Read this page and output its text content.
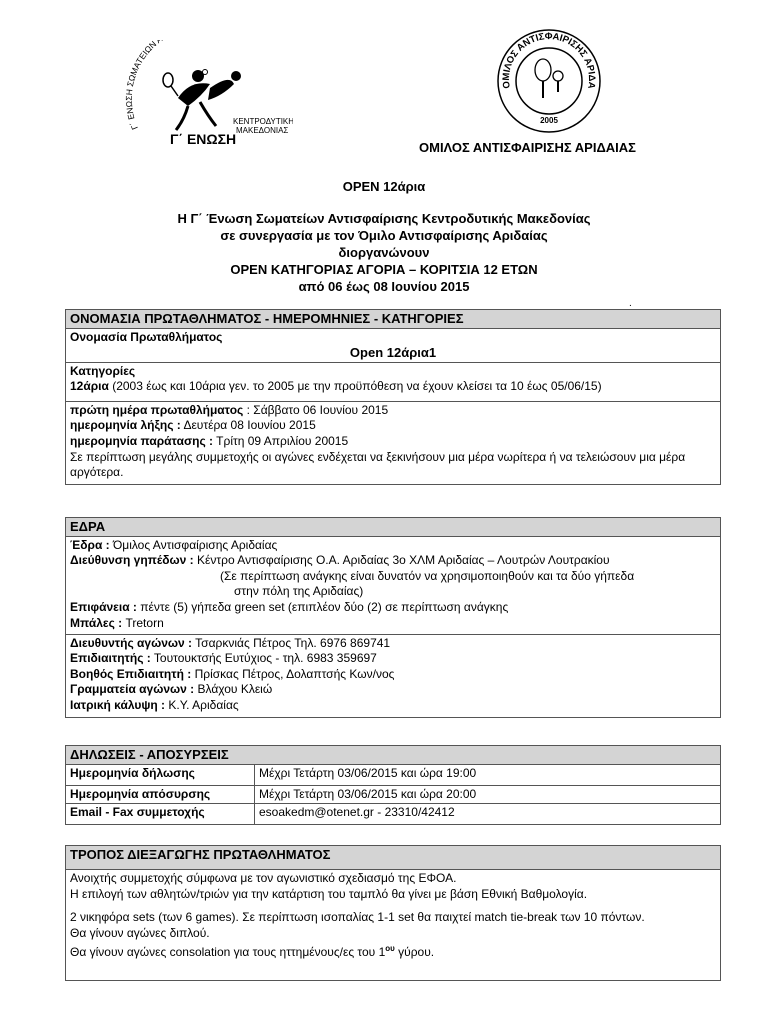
Γ΄ ΕΝΩΣΗ ΣΩΜΑΤΕΙΩΝ
ΚΕΝΤΡΟΔΥΤΙΚΗΣ
ΜΑΚΕΔΟΝΙΑΣ
Γ΄ ΕΝΩΣΗ
ΟΜΙΛΟΣ ΑΝΤΙΣΦΑΙΡΙΣΗΣ ΑΡΙΔΑ
2005
ΟΜΙΛΟΣ ΑΝΤΙΣΦΑΙΡΙΣΗΣ ΑΡΙΔΑΙΑΣ
OPEN 12άρια
Η Γ΄ Ένωση Σωματείων Αντισφαίρισης Κεντροδυτικής Μακεδονίας
σε συνεργασία με τον Όμιλο Αντισφαίρισης Αριδαίας
διοργανώνουν
OPEN ΚΑΤΗΓΟΡΙΑΣ ΑΓΟΡΙΑ – ΚΟΡΙΤΣΙΑ 12 ΕΤΩΝ
από 06 έως 08 Ιουνίου 2015
.
ΟΝΟΜΑΣΙΑ ΠΡΩΤΑΘΛΗΜΑΤΟΣ - ΗΜΕΡΟΜΗΝΙΕΣ - ΚΑΤΗΓΟΡΙΕΣ

Ονομασία Πρωταθλήματος
Open 12άρια1

Κατηγορίες
12άρια (2003 έως και 10άρια γεν. το 2005 με την προϋπόθεση να έχουν κλείσει τα 10 έως 05/06/15)

πρώτη ημέρα πρωταθλήματος : Σάββατο 06 Ιουνίου 2015
ημερομηνία λήξης : Δευτέρα 08 Ιουνίου 2015
ημερομηνία παράτασης : Τρίτη 09 Απριλίου 20015
Σε περίπτωση μεγάλης συμμετοχής οι αγώνες ενδέχεται να ξεκινήσουν μια μέρα νωρίτερα ή να τελειώσουν μια μέρα αργότερα.
ΕΔΡΑ

Έδρα : Όμιλος Αντισφαίρισης Αριδαίας
Διεύθυνση γηπέδων : Κέντρο Αντισφαίρισης Ο.Α. Αριδαίας 3ο ΧΛΜ Αριδαίας – Λουτρών Λουτρακίου
(Σε περίπτωση ανάγκης είναι δυνατόν να χρησιμοποιηθούν και τα δύο γήπεδα
στην πόλη της Αριδαίας)
Επιφάνεια : πέντε (5) γήπεδα green set (επιπλέον δύο (2) σε περίπτωση ανάγκης
Μπάλες : Tretorn

Διευθυντής αγώνων : Τσαρκνιάς Πέτρος Τηλ. 6976 869741
Επιδιαιτητής : Τουτουκτσής Ευτύχιος - τηλ. 6983 359697
Βοηθός Επιδιαιτητή : Πρίσκας Πέτρος, Δολαπτσής Κων/νος
Γραμματεία αγώνων : Βλάχου Κλειώ
Ιατρική κάλυψη : Κ.Υ. Αριδαίας
ΔΗΛΩΣΕΙΣ - ΑΠΟΣΥΡΣΕΙΣ	
Ημερομηνία δήλωσης	Μέχρι Τετάρτη 03/06/2015 και ώρα 19:00
Ημερομηνία απόσυρσης	Μέχρι Τετάρτη 03/06/2015 και ώρα 20:00
Email - Fax συμμετοχής	esoakedm@otenet.gr - 23310/42412
ΤΡΟΠΟΣ ΔΙΕΞΑΓΩΓΗΣ ΠΡΩΤΑΘΛΗΜΑΤΟΣ

Ανοιχτής συμμετοχής σύμφωνα με τον αγωνιστικό σχεδιασμό της ΕΦΟΑ.
Η επιλογή των αθλητών/τριών για την κατάρτιση του ταμπλό θα γίνει με βάση Εθνική Βαθμολογία.
2 νικηφόρα sets (των 6 games). Σε περίπτωση ισοπαλίας 1-1 set θα παιχτεί match tie-break των 10 πόντων.
Θα γίνουν αγώνες διπλού.
Θα γίνουν αγώνες consolation για τους ηττημένους/ες του $1^{o\upsilon}$ γύρου.
